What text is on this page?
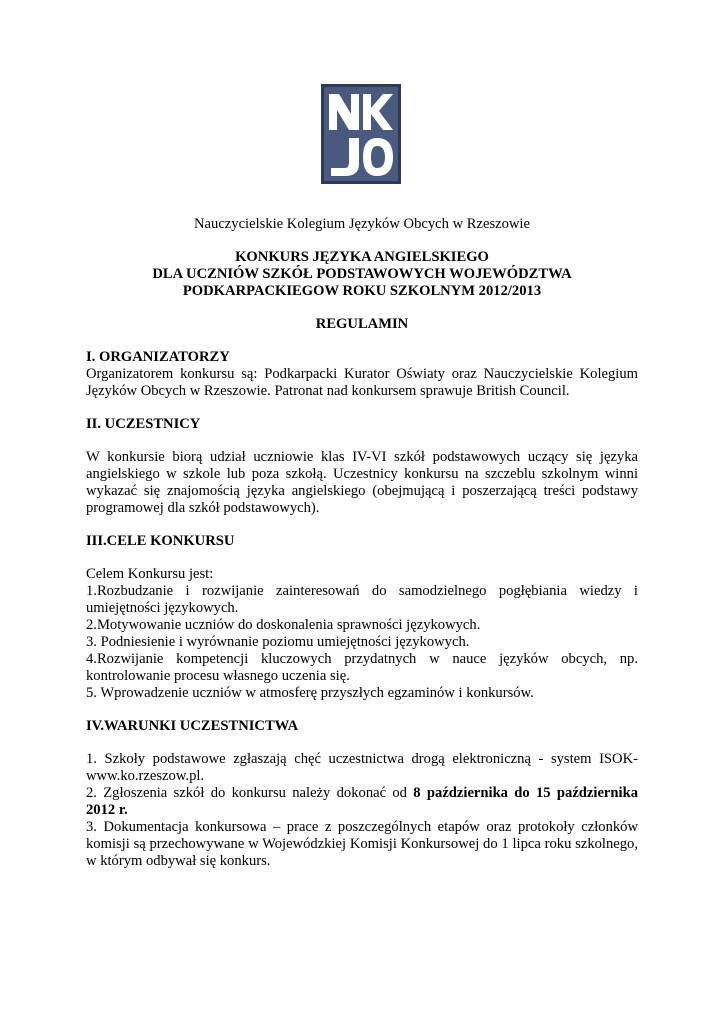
Nauczycielskie Kolegium Języków Obcych w Rzeszowie

KONKURS JĘZYKA ANGIELSKIEGO

DLA UCZNIÓW SZKÓŁ PODSTAWOWYCH WOJEWÓDZTWA

PODKARPACKIEGOW ROKU SZKOLNYM 2012/2013

REGULAMIN

I. ORGANIZATORZY

Organizatorem konkursu są: Podkarpacki Kurator Oświaty oraz Nauczycielskie Kolegium Języków Obcych w Rzeszowie. Patronat nad konkursem sprawuje British Council.

II. UCZESTNICY

W konkursie biorą udział uczniowie klas IV-VI szkół podstawowych uczący się języka angielskiego w szkole lub poza szkołą. Uczestnicy konkursu na szczeblu szkolnym winni wykazać się znajomością języka angielskiego (obejmującą i poszerzającą treści podstawy programowej dla szkół podstawowych).

III.CELE KONKURSU

Celem Konkursu jest:

1.Rozbudzanie i rozwijanie zainteresowań do samodzielnego pogłębiania wiedzy i umiejętności językowych.

2.Motywowanie uczniów do doskonalenia sprawności językowych.

3. Podniesienie i wyrównanie poziomu umiejętności językowych.

4.Rozwijanie kompetencji kluczowych przydatnych w nauce języków obcych, np. kontrolowanie procesu własnego uczenia się.

5. Wprowadzenie uczniów w atmosferę przyszłych egzaminów i konkursów.

IV.WARUNKI UCZESTNICTWA

1. Szkoły podstawowe zgłaszają chęć uczestnictwa drogą elektroniczną - system ISOK-www.ko.rzeszow.pl.

2. Zgłoszenia szkół do konkursu należy dokonać od 8 października do 15 października 2012 r.

3. Dokumentacja konkursowa – prace z poszczególnych etapów oraz protokoły członków komisji są przechowywane w Wojewódzkiej Komisji Konkursowej do 1 lipca roku szkolnego, w którym odbywał się konkurs.
